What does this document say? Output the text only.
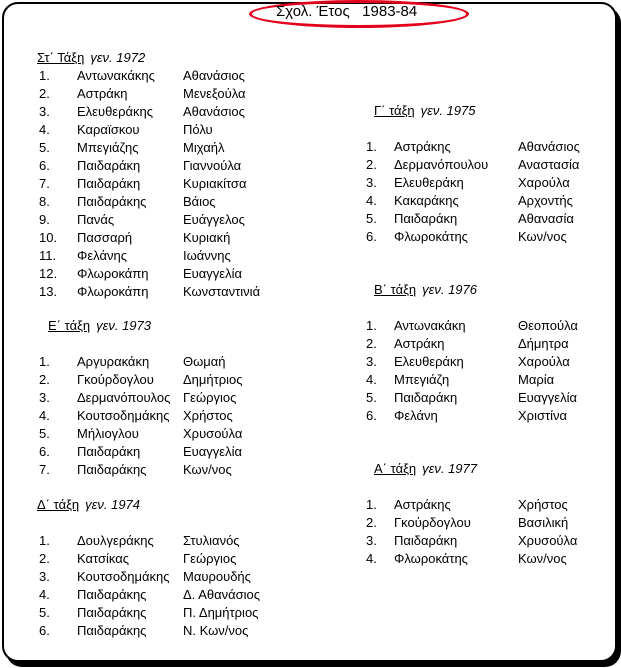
Σχολ. Έτος   1983-84
Στ΄ Τάξη γεν. 1972
1. Αντωνακάκης Αθανάσιος
2. Αστράκη	Μενεξούλα
3. Ελευθεράκης Αθανάσιος
4. Καραϊσκου	Πόλυ
5. Μπεγιάζης	Μιχαήλ
6. Παιδαράκη	Γιαννούλα
7. Παιδαράκη	Κυριακίτσα
8. Παιδαράκης	Βάιος
9. Πανάς	Ευάγγελος
10. Πασσαρή	Κυριακή
11. Φελάνης	Ιωάννης
12. Φλωροκάπη	Ευαγγελία
13. Φλωροκάπη	Κωνσταντινιά
Ε΄ τάξη γεν. 1973
1. Αργυρακάκη	Θωμαή
2. Γκούρδογλου Δημήτριος
3. Δερμανόπουλος Γεώργιος
4. Κουτσοδημάκης Χρήστος
5. Μήλιογλου	Χρυσούλα
6. Παιδαράκη	Ευαγγελία
7. Παιδαράκης	Κων/νος
Δ΄ τάξη γεν. 1974
1. Δουλγεράκης Στυλιανός
2. Κατσίκας	Γεώργιος
3. Κουτσοδημάκης Μαυρουδής
4. Παιδαράκης	Δ. Αθανάσιος
5. Παιδαράκης	Π. Δημήτριος
6. Παιδαράκης	Ν. Κων/νος
Γ΄ τάξη γεν. 1975
1. Αστράκης	Αθανάσιος
2. Δερμανόπουλου Αναστασία
3. Ελευθεράκη	Χαρούλα
4. Κακαράκης	Αρχοντής
5. Παιδαράκη	Αθανασία
6. Φλωροκάτης	Κων/νος
Β΄ τάξη γεν. 1976
1. Αντωνακάκη	Θεοπούλα
2. Αστράκη	Δήμητρα
3. Ελευθεράκη	Χαρούλα
4. Μπεγιάζη	Μαρία
5. Παιδαράκη	Ευαγγελία
6. Φελάνη	Χριστίνα
Α΄ τάξη γεν. 1977
1. Αστράκης	Χρήστος
2. Γκούρδογλου	Βασιλική
3. Παιδαράκη	Χρυσούλα
4. Φλωροκάτης	Κων/νος
